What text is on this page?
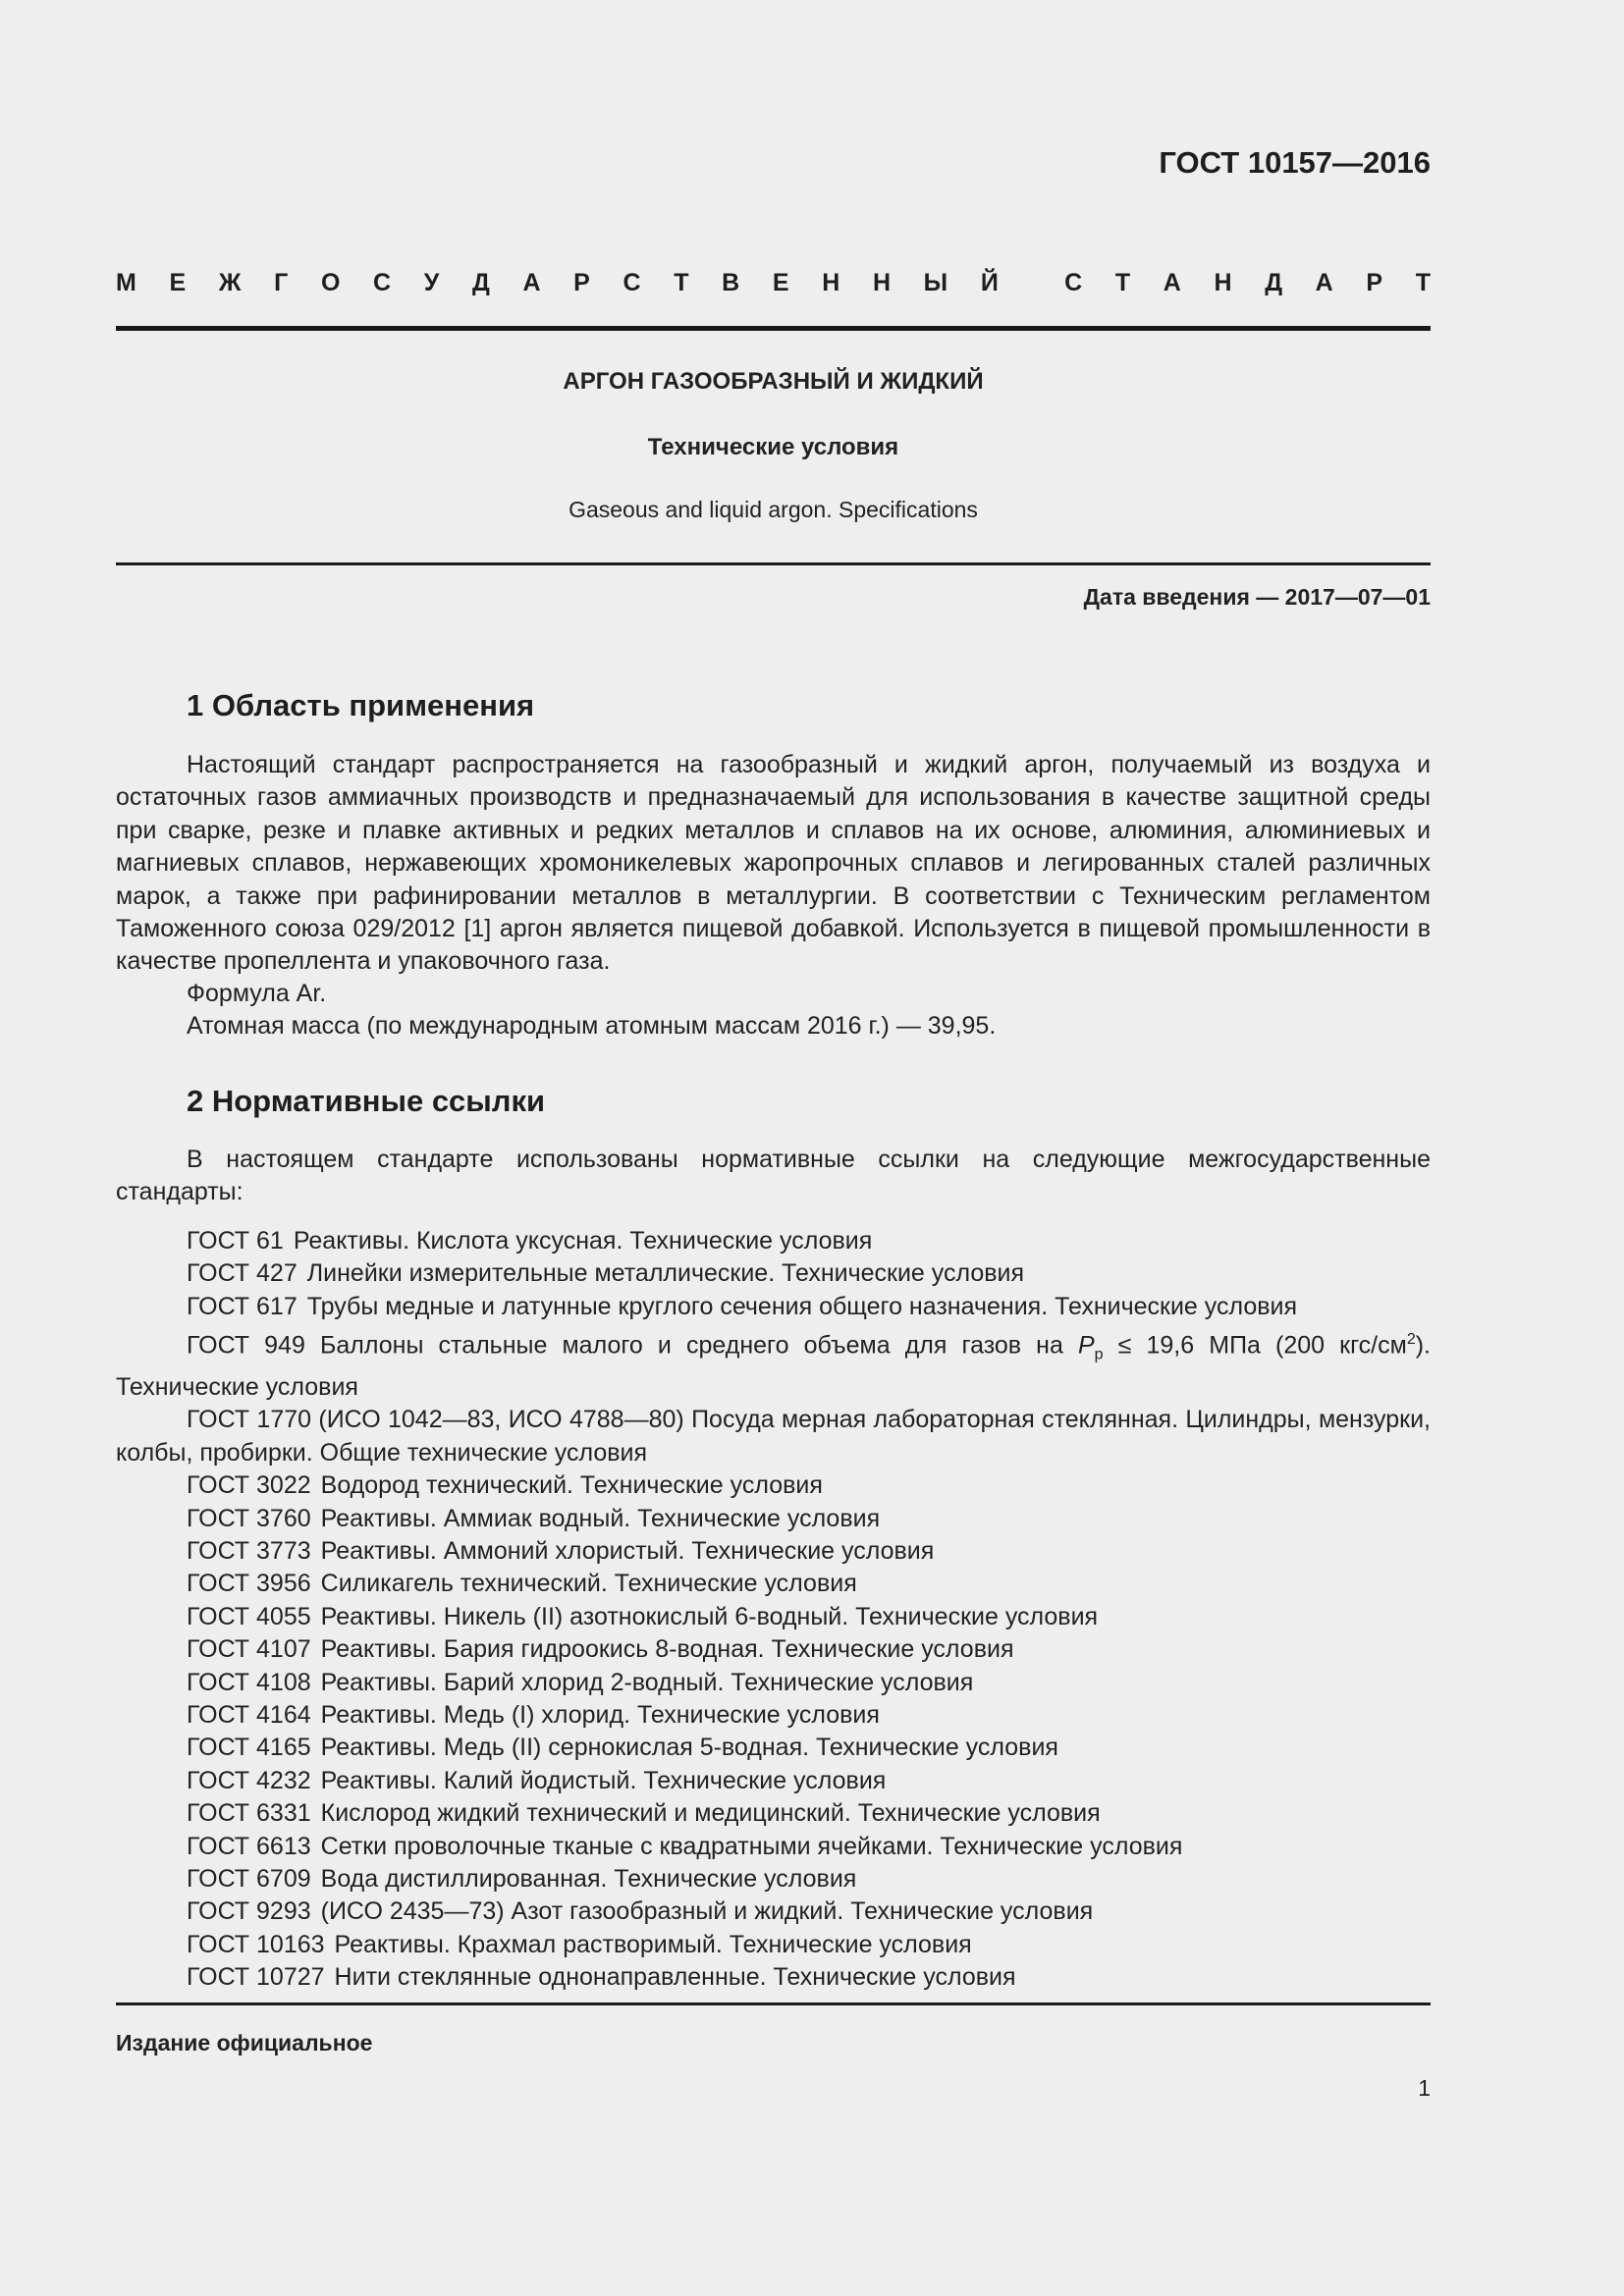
ГОСТ 10157—2016
М Е Ж Г О С У Д А Р С Т В Е Н Н Ы Й	С Т А Н Д А Р Т
АРГОН ГАЗООБРАЗНЫЙ И ЖИДКИЙ
Технические условия
Gaseous and liquid argon. Specifications
Дата введения — 2017—07—01
1 Область применения

Настоящий стандарт распространяется на газообразный и жидкий аргон, получаемый из воздуха и остаточных газов аммиачных производств и предназначаемый для использования в качестве защитной среды при сварке, резке и плавке активных и редких металлов и сплавов на их основе, алюминия, алюминиевых и магниевых сплавов, нержавеющих хромоникелевых жаропрочных сплавов и легированных сталей различных марок, а также при рафинировании металлов в металлургии. В соответствии с Техническим регламентом Таможенного союза 029/2012 [1] аргон является пищевой добавкой. Используется в пищевой промышленности в качестве пропеллента и упаковочного газа.

Формула Ar.
Атомная масса (по международным атомным массам 2016 г.) — 39,95.
2 Нормативные ссылки

В настоящем стандарте использованы нормативные ссылки на следующие межгосударственные стандарты:

ГОСТ 61 Реактивы. Кислота уксусная. Технические условия
ГОСТ 427 Линейки измерительные металлические. Технические условия
ГОСТ 617 Трубы медные и латунные круглого сечения общего назначения. Технические условия
ГОСТ 949 Баллоны стальные малого и среднего объема для газов на $P_p \le 19,6$ МПа (200 кгс/$см^2$). Технические условия
ГОСТ 1770 (ИСО 1042—83, ИСО 4788—80) Посуда мерная лабораторная стеклянная. Цилиндры, мензурки, колбы, пробирки. Общие технические условия
ГОСТ 3022 Водород технический. Технические условия
ГОСТ 3760 Реактивы. Аммиак водный. Технические условия
ГОСТ 3773 Реактивы. Аммоний хлористый. Технические условия
ГОСТ 3956 Силикагель технический. Технические условия
ГОСТ 4055 Реактивы. Никель (II) азотнокислый 6-водный. Технические условия
ГОСТ 4107 Реактивы. Бария гидроокись 8-водная. Технические условия
ГОСТ 4108 Реактивы. Барий хлорид 2-водный. Технические условия
ГОСТ 4164 Реактивы. Медь (I) хлорид. Технические условия
ГОСТ 4165 Реактивы. Медь (II) сернокислая 5-водная. Технические условия
ГОСТ 4232 Реактивы. Калий йодистый. Технические условия
ГОСТ 6331 Кислород жидкий технический и медицинский. Технические условия
ГОСТ 6613 Сетки проволочные тканые с квадратными ячейками. Технические условия
ГОСТ 6709 Вода дистиллированная. Технические условия
ГОСТ 9293 (ИСО 2435—73) Азот газообразный и жидкий. Технические условия
ГОСТ 10163 Реактивы. Крахмал растворимый. Технические условия
ГОСТ 10727 Нити стеклянные однонаправленные. Технические условия
Издание официальное
1
